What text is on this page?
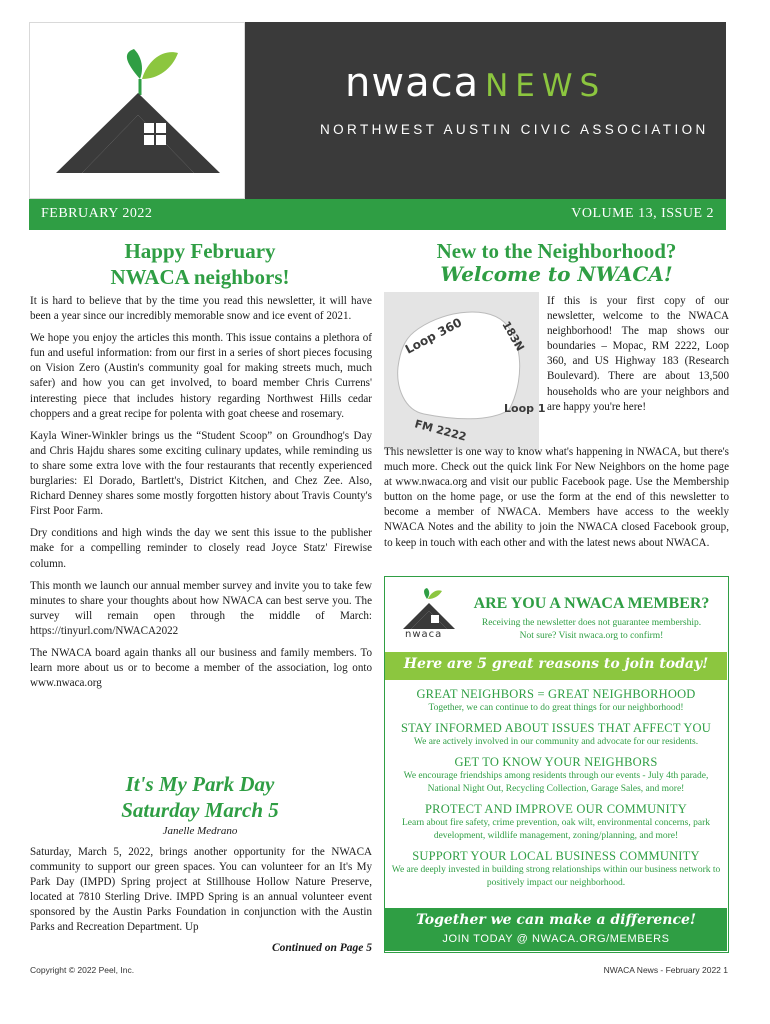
nwaca NEWS
NORTHWEST AUSTIN CIVIC ASSOCIATION
FEBRUARY 2022	VOLUME 13, ISSUE 2
Happy February
NWACA neighbors!

It is hard to believe that by the time you read this newsletter, it will have been a year since our incredibly memorable snow and ice event of 2021.

We hope you enjoy the articles this month. This issue contains a plethora of fun and useful information: from our first in a series of short pieces focusing on Vision Zero (Austin's community goal for making streets much, much safer) and how you can get involved, to board member Chris Currens' interesting piece that includes history regarding Northwest Hills cedar choppers and a great recipe for polenta with goat cheese and rosemary.

Kayla Winer-Winkler brings us the “Student Scoop” on Groundhog's Day and Chris Hajdu shares some exciting culinary updates, while reminding us to share some extra love with the four restaurants that recently experienced burglaries: El Dorado, Bartlett's, District Kitchen, and Chez Zee. Also, Richard Denney shares some mostly forgotten history about Travis County's First Poor Farm.

Dry conditions and high winds the day we sent this issue to the publisher make for a compelling reminder to closely read Joyce Statz' Firewise column.

This month we launch our annual member survey and invite you to take few minutes to share your thoughts about how NWACA can best serve you. The survey will remain open through the middle of March: https://tinyurl.com/NWACA2022

The NWACA board again thanks all our business and family members. To learn more about us or to become a member of the association, log onto www.nwaca.org

It's My Park Day
Saturday March 5
Janelle Medrano
Saturday, March 5, 2022, brings another opportunity for the NWACA community to support our green spaces. You can volunteer for an It's My Park Day (IMPD) Spring project at Stillhouse Hollow Nature Preserve, located at 7810 Sterling Drive. IMPD Spring is an annual volunteer event sponsored by the Austin Parks Foundation in conjunction with the Austin Parks and Recreation Department. Up
Continued on Page 5
New to the Neighborhood?
Welcome to NWACA!
Loop 360	183N
Loop 1
FM 2222
If this is your first copy of our newsletter, welcome to the NWACA neighborhood! The map shows our boundaries – Mopac, RM 2222, Loop 360, and US Highway 183 (Research Boulevard). There are about 13,500 households who are your neighbors and are happy you're here!
This newsletter is one way to know what's happening in NWACA, but there's much more. Check out the quick link For New Neighbors on the home page at www.nwaca.org and visit our public Facebook page. Use the Membership button on the home page, or use the form at the end of this newsletter to become a member of NWACA. Members have access to the weekly NWACA Notes and the ability to join the NWACA closed Facebook group, to keep in touch with each other and with the latest news about NWACA.
nwaca
ARE YOU A NWACA MEMBER?
Receiving the newsletter does not guarantee membership.
Not sure? Visit nwaca.org to confirm!
Here are 5 great reasons to join today!
GREAT NEIGHBORS = GREAT NEIGHBORHOOD
Together, we can continue to do great things for our neighborhood!
STAY INFORMED ABOUT ISSUES THAT AFFECT YOU
We are actively involved in our community and advocate for our residents.
GET TO KNOW YOUR NEIGHBORS
We encourage friendships among residents through our events - July 4th parade, National Night Out, Recycling Collection, Garage Sales, and more!
PROTECT AND IMPROVE OUR COMMUNITY
Learn about fire safety, crime prevention, oak wilt, environmental concerns, park development, wildlife management, zoning/planning, and more!
SUPPORT YOUR LOCAL BUSINESS COMMUNITY
We are deeply invested in building strong relationships within our business network to positively impact our neighborhood.
Together we can make a difference!
JOIN TODAY @ NWACA.ORG/MEMBERS
Copyright © 2022 Peel, Inc.	NWACA News - February 2022 1
